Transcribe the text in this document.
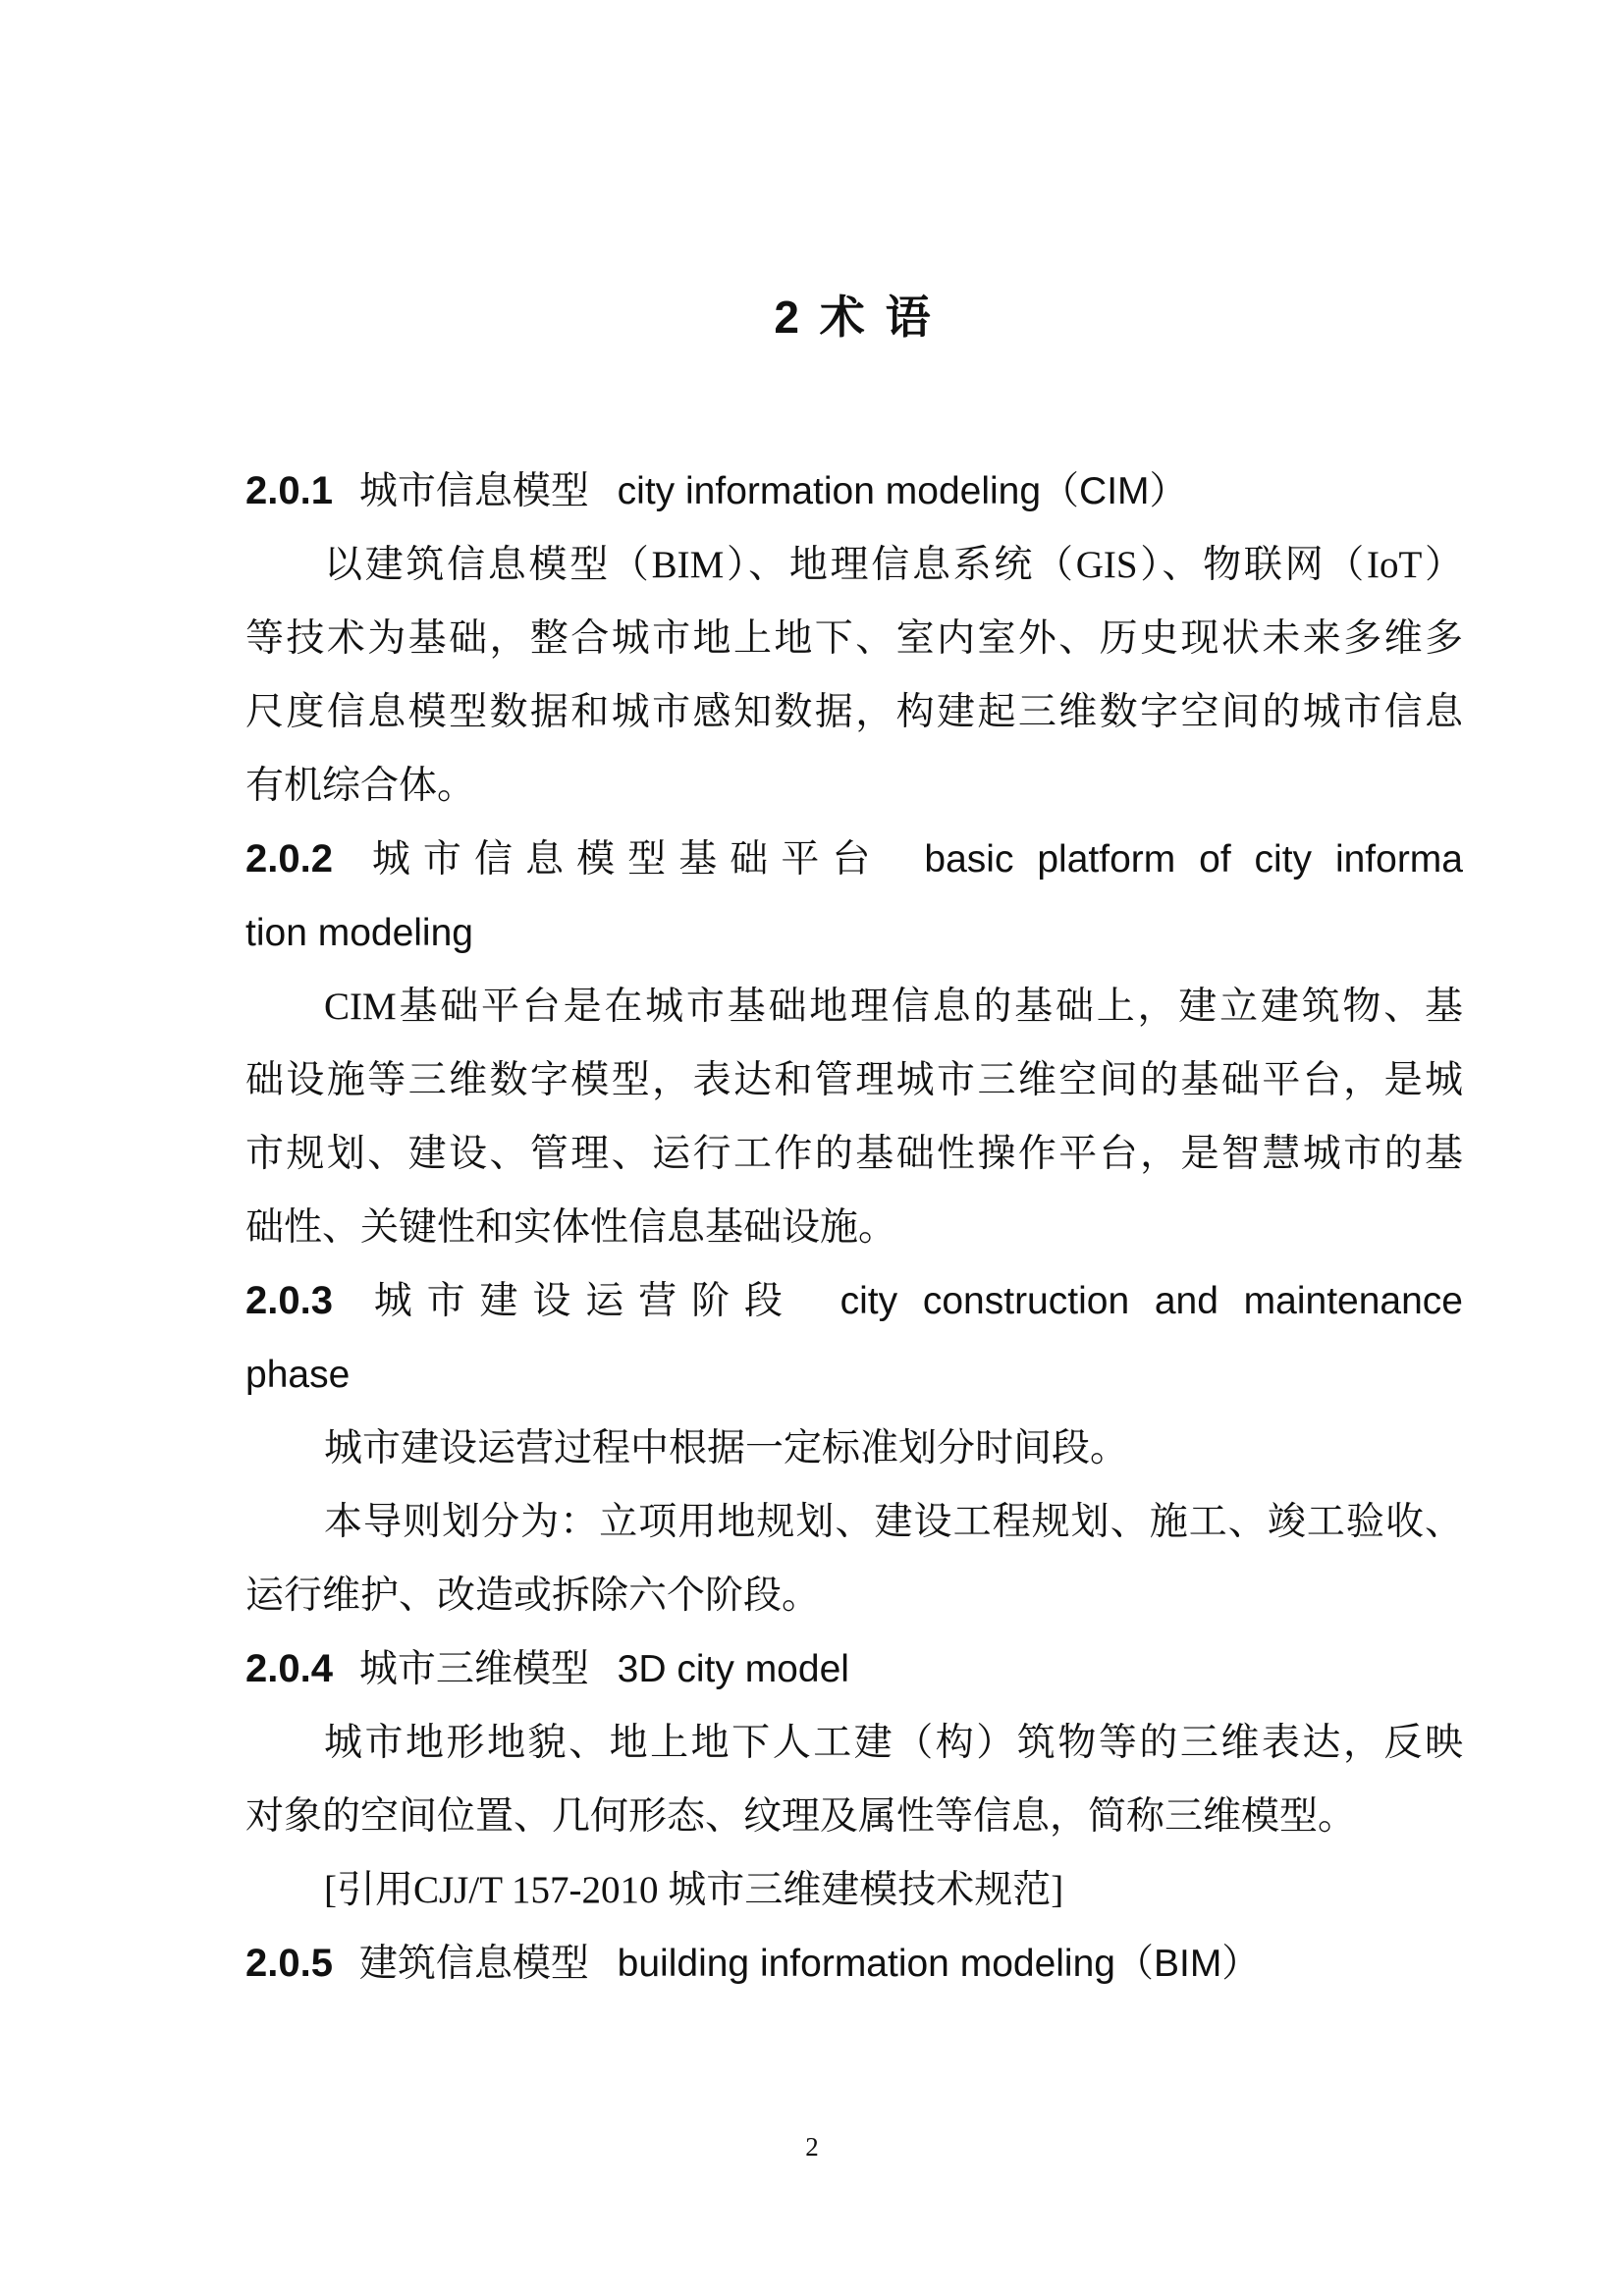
2 术 语
2.0.1 城市信息模型 city information modeling（CIM）
以建筑信息模型（BIM）、地理信息系统（GIS）、物联网（IoT）
等技术为基础，整合城市地上地下、室内室外、历史现状未来多维多
尺度信息模型数据和城市感知数据，构建起三维数字空间的城市信息
有机综合体。
2.0.2 城市信息模型基础平台 basic platform of city informa
tion modeling
CIM基础平台是在城市基础地理信息的基础上，建立建筑物、基
础设施等三维数字模型，表达和管理城市三维空间的基础平台，是城
市规划、建设、管理、运行工作的基础性操作平台，是智慧城市的基
础性、关键性和实体性信息基础设施。
2.0.3 城市建设运营阶段 city construction and maintenance
phase
城市建设运营过程中根据一定标准划分时间段。
本导则划分为：立项用地规划、建设工程规划、施工、竣工验收、
运行维护、改造或拆除六个阶段。
2.0.4 城市三维模型 3D city model
城市地形地貌、地上地下人工建（构）筑物等的三维表达，反映
对象的空间位置、几何形态、纹理及属性等信息，简称三维模型。
[引用CJJ/T 157-2010 城市三维建模技术规范]
2.0.5 建筑信息模型 building information modeling（BIM）
2
